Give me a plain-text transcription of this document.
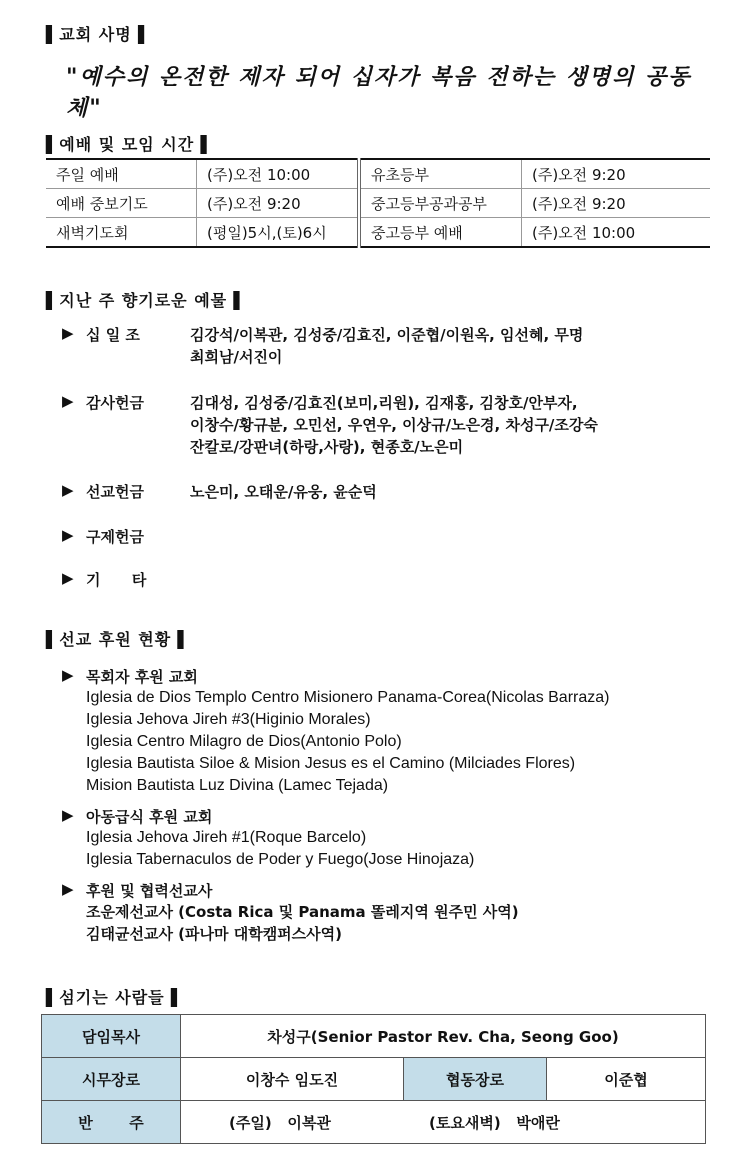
▌교회 사명▐
"예수의 온전한 제자 되어 십자가 복음 전하는 생명의 공동체"
▌예배 및 모임 시간▐
주일 예배	(주)오전 10:00	유초등부	(주)오전 9:20
예배 중보기도	(주)오전 9:20	중고등부공과공부	(주)오전 9:20
새벽기도회	(평일)5시,(토)6시	중고등부 예배	(주)오전 10:00
▌지난 주 향기로운 예물▐
▶ 십 일 조	김강석/이복관, 김성중/김효진, 이준협/이원옥, 임선혜, 무명
최희남/서진이
▶ 감사헌금	김대성, 김성중/김효진(보미,리원), 김재홍, 김창호/안부자,
이창수/황규분, 오민선, 우연우, 이상규/노은경, 차성구/조강숙
잔칼로/강판녀(하랑,사랑), 현종호/노은미
▶ 선교헌금	노은미, 오태운/유웅, 윤순덕
▶ 구제헌금
▶ 기      타
▌선교 후원 현황▐
▶ 목회자 후원 교회
Iglesia de Dios Templo Centro Misionero Panama-Corea(Nicolas Barraza)
Iglesia Jehova Jireh #3(Higinio Morales)
Iglesia Centro Milagro de Dios(Antonio Polo)
Iglesia Bautista Siloe & Mision Jesus es el Camino (Milciades Flores)
Mision Bautista Luz Divina (Lamec Tejada)
▶ 아동급식 후원 교회
Iglesia Jehova Jireh #1(Roque Barcelo)
Iglesia Tabernaculos de Poder y Fuego(Jose Hinojaza)
▶ 후원 및 협력선교사
조운제선교사 (Costa Rica 및 Panama 똘레지역 원주민 사역)
김태균선교사 (파나마 대학캠퍼스사역)
▌섬기는 사람들▐
담임목사	차성구(Senior Pastor Rev. Cha, Seong Goo)		
시무장로	이창수 임도진	협동장로	이준협
반       주	(주일)   이복관 (토요새벽)   박애란		
